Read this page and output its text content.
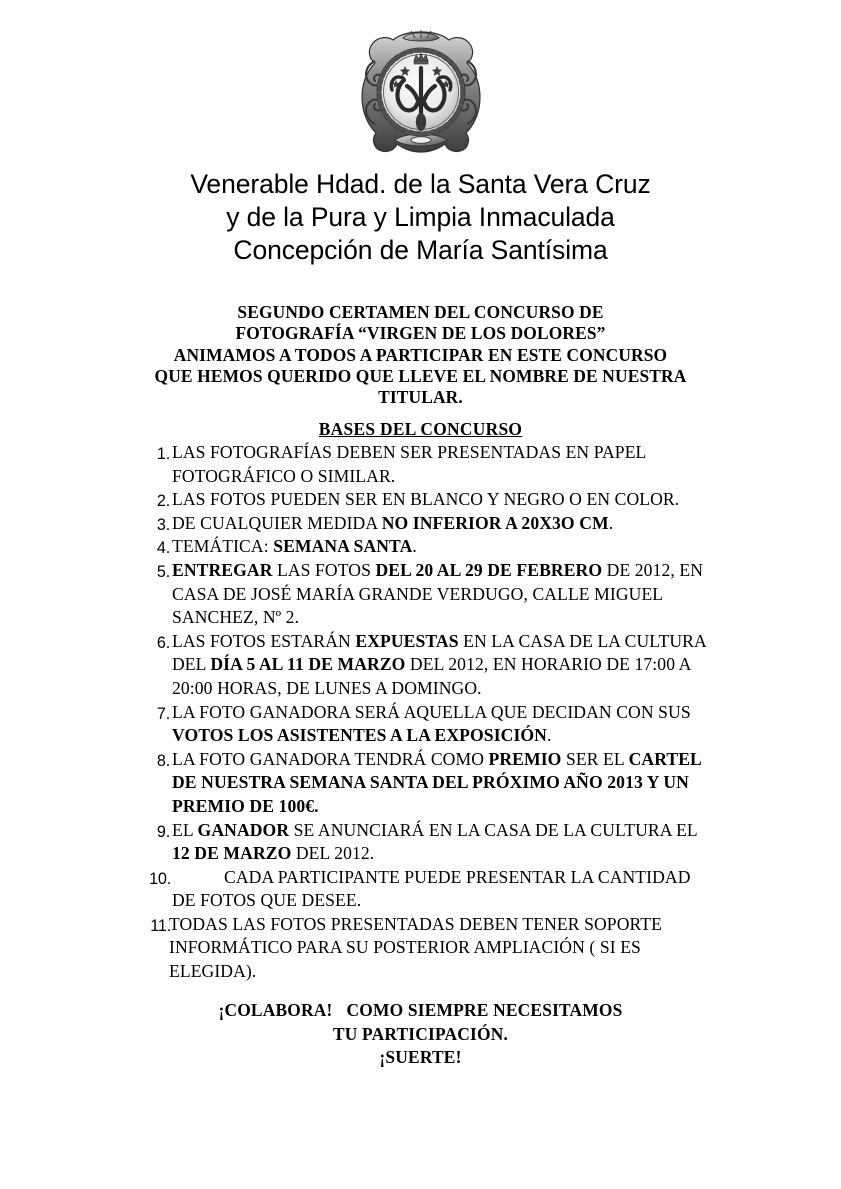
Venerable Hdad. de la Santa Vera Cruz
y de la Pura y Limpia Inmaculada
Concepción de María Santísima
SEGUNDO CERTAMEN DEL CONCURSO DE
FOTOGRAFÍA “VIRGEN DE LOS DOLORES”
ANIMAMOS A TODOS A PARTICIPAR EN ESTE CONCURSO
QUE HEMOS QUERIDO QUE LLEVE EL NOMBRE DE NUESTRA
TITULAR.
BASES DEL CONCURSO
1. LAS FOTOGRAFÍAS DEBEN SER PRESENTADAS EN PAPEL FOTOGRÁFICO O SIMILAR.
2. LAS FOTOS PUEDEN SER EN BLANCO Y NEGRO O EN COLOR.
3. DE CUALQUIER MEDIDA NO INFERIOR A 20X3O CM.
4. TEMÁTICA: SEMANA SANTA.
5. ENTREGAR LAS FOTOS DEL 20 AL 29 DE FEBRERO DE 2012, EN CASA DE JOSÉ MARÍA GRANDE VERDUGO, CALLE MIGUEL SANCHEZ, Nº 2.
6. LAS FOTOS ESTARÁN EXPUESTAS EN LA CASA DE LA CULTURA DEL DÍA 5 AL 11 DE MARZO DEL 2012, EN HORARIO DE 17:00 A 20:00 HORAS, DE LUNES A DOMINGO.
7. LA FOTO GANADORA SERÁ AQUELLA QUE DECIDAN CON SUS VOTOS LOS ASISTENTES A LA EXPOSICIÓN.
8. LA FOTO GANADORA TENDRÁ COMO PREMIO SER EL CARTEL DE NUESTRA SEMANA SANTA DEL PRÓXIMO AÑO 2013 Y UN PREMIO DE 100€.
9. EL GANADOR SE ANUNCIARÁ EN LA CASA DE LA CULTURA EL 12 DE MARZO DEL 2012.
10.	CADA PARTICIPANTE PUEDE PRESENTAR LA CANTIDAD DE FOTOS QUE DESEE.
11.
TODAS LAS FOTOS PRESENTADAS DEBEN TENER SOPORTE INFORMÁTICO PARA SU POSTERIOR AMPLIACIÓN ( SI ES ELEGIDA).
¡COLABORA! COMO SIEMPRE NECESITAMOS
TU PARTICIPACIÓN.
¡SUERTE!
